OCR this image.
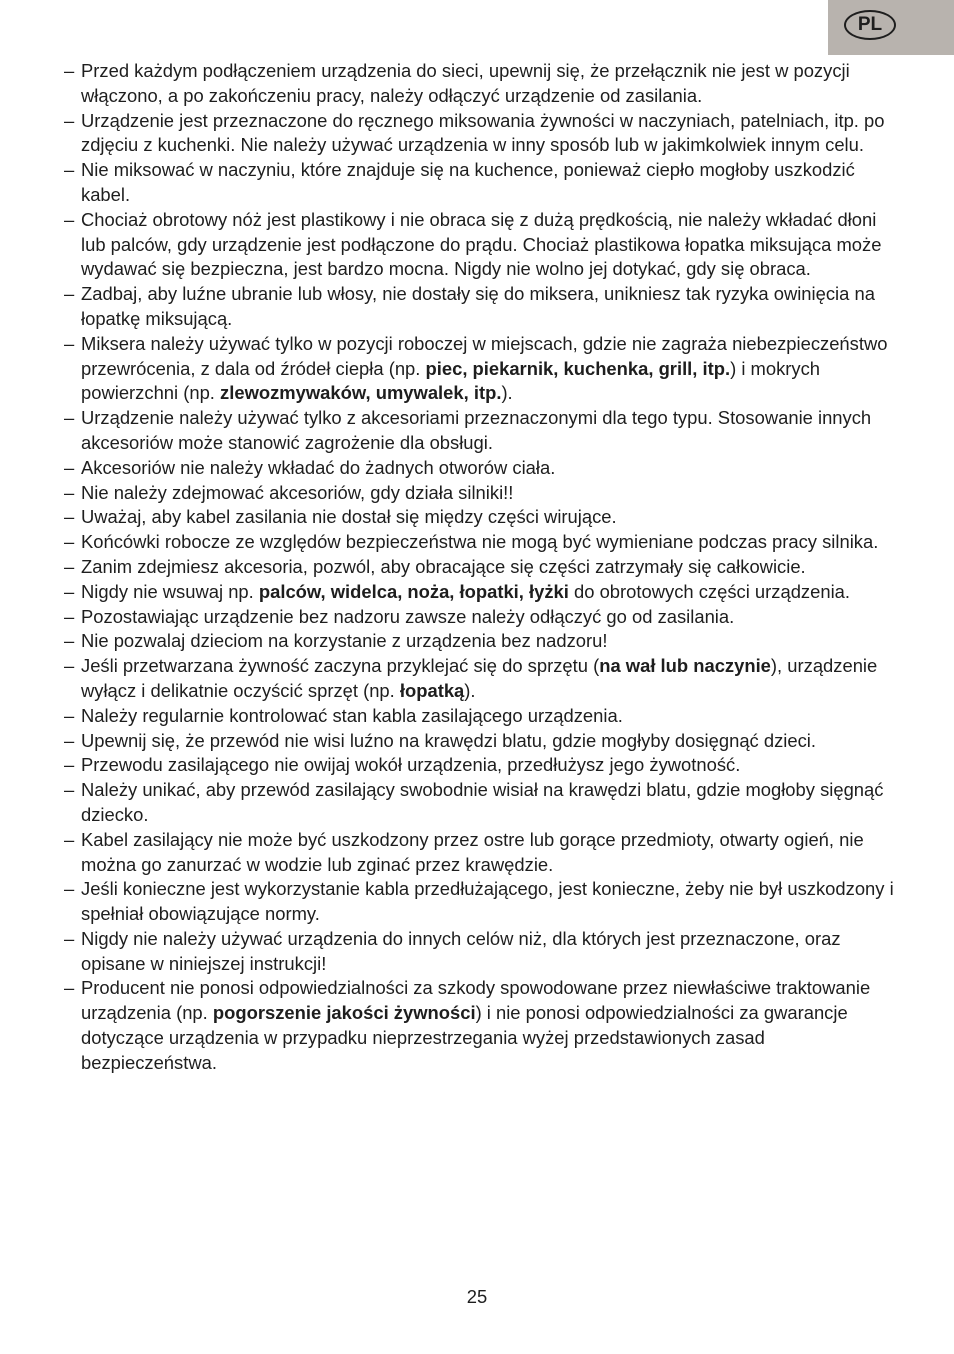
PL
– Przed każdym podłączeniem urządzenia do sieci, upewnij się, że przełącznik nie jest w pozycji włączono, a po zakończeniu pracy, należy odłączyć urządzenie od zasilania.
– Urządzenie jest przeznaczone do ręcznego miksowania żywności w naczyniach, patelniach, itp. po zdjęciu z kuchenki. Nie należy używać urządzenia w inny sposób lub w jakimkolwiek innym celu.
– Nie miksować w naczyniu, które znajduje się na kuchence, ponieważ ciepło mogłoby uszkodzić kabel.
– Chociaż obrotowy nóż jest plastikowy i nie obraca się z dużą prędkością, nie należy wkładać dłoni lub palców, gdy urządzenie jest podłączone do prądu. Chociaż plastikowa łopatka miksująca może wydawać się bezpieczna, jest bardzo mocna. Nigdy nie wolno jej dotykać, gdy się obraca.
– Zadbaj, aby luźne ubranie lub włosy, nie dostały się do miksera, unikniesz tak ryzyka owinięcia na łopatkę miksującą.
– Miksera należy używać tylko w pozycji roboczej w miejscach, gdzie nie zagraża niebezpieczeństwo przewrócenia, z dala od źródeł ciepła (np. piec, piekarnik, kuchenka, grill, itp.) i mokrych powierzchni (np. zlewozmywaków, umywalek, itp.).
– Urządzenie należy używać tylko z akcesoriami przeznaczonymi dla tego typu. Stosowanie innych akcesoriów może stanowić zagrożenie dla obsługi.
– Akcesoriów nie należy wkładać do żadnych otworów ciała.
– Nie należy zdejmować akcesoriów, gdy działa silniki!!
– Uważaj, aby kabel zasilania nie dostał się między części wirujące.
– Końcówki robocze ze względów bezpieczeństwa nie mogą być wymieniane podczas pracy silnika.
– Zanim zdejmiesz akcesoria, pozwól, aby obracające się części zatrzymały się całkowicie.
– Nigdy nie wsuwaj np. palców, widelca, noża, łopatki, łyżki do obrotowych części urządzenia.
– Pozostawiając urządzenie bez nadzoru zawsze należy odłączyć go od zasilania.
– Nie pozwalaj dzieciom na korzystanie z urządzenia bez nadzoru!
– Jeśli przetwarzana żywność zaczyna przyklejać się do sprzętu (na wał lub naczynie), urządzenie wyłącz i delikatnie oczyścić sprzęt (np. łopatką).
– Należy regularnie kontrolować stan kabla zasilającego urządzenia.
– Upewnij się, że przewód nie wisi luźno na krawędzi blatu, gdzie mogłyby dosięgnąć dzieci.
– Przewodu zasilającego nie owijaj wokół urządzenia, przedłużysz jego żywotność.
– Należy unikać, aby przewód zasilający swobodnie wisiał na krawędzi blatu, gdzie mogłoby sięgnąć dziecko.
– Kabel zasilający nie może być uszkodzony przez ostre lub gorące przedmioty, otwarty ogień, nie można go zanurzać w wodzie lub zginać przez krawędzie.
– Jeśli konieczne jest wykorzystanie kabla przedłużającego, jest konieczne, żeby nie był uszkodzony i spełniał obowiązujące normy.
– Nigdy nie należy używać urządzenia do innych celów niż, dla których jest przeznaczone, oraz opisane w niniejszej instrukcji!
– Producent nie ponosi odpowiedzialności za szkody spowodowane przez niewłaściwe traktowanie urządzenia (np. pogorszenie jakości żywności) i nie ponosi odpowiedzialności za gwarancje dotyczące urządzenia w przypadku nieprzestrzegania wyżej przedstawionych zasad bezpieczeństwa.
25
